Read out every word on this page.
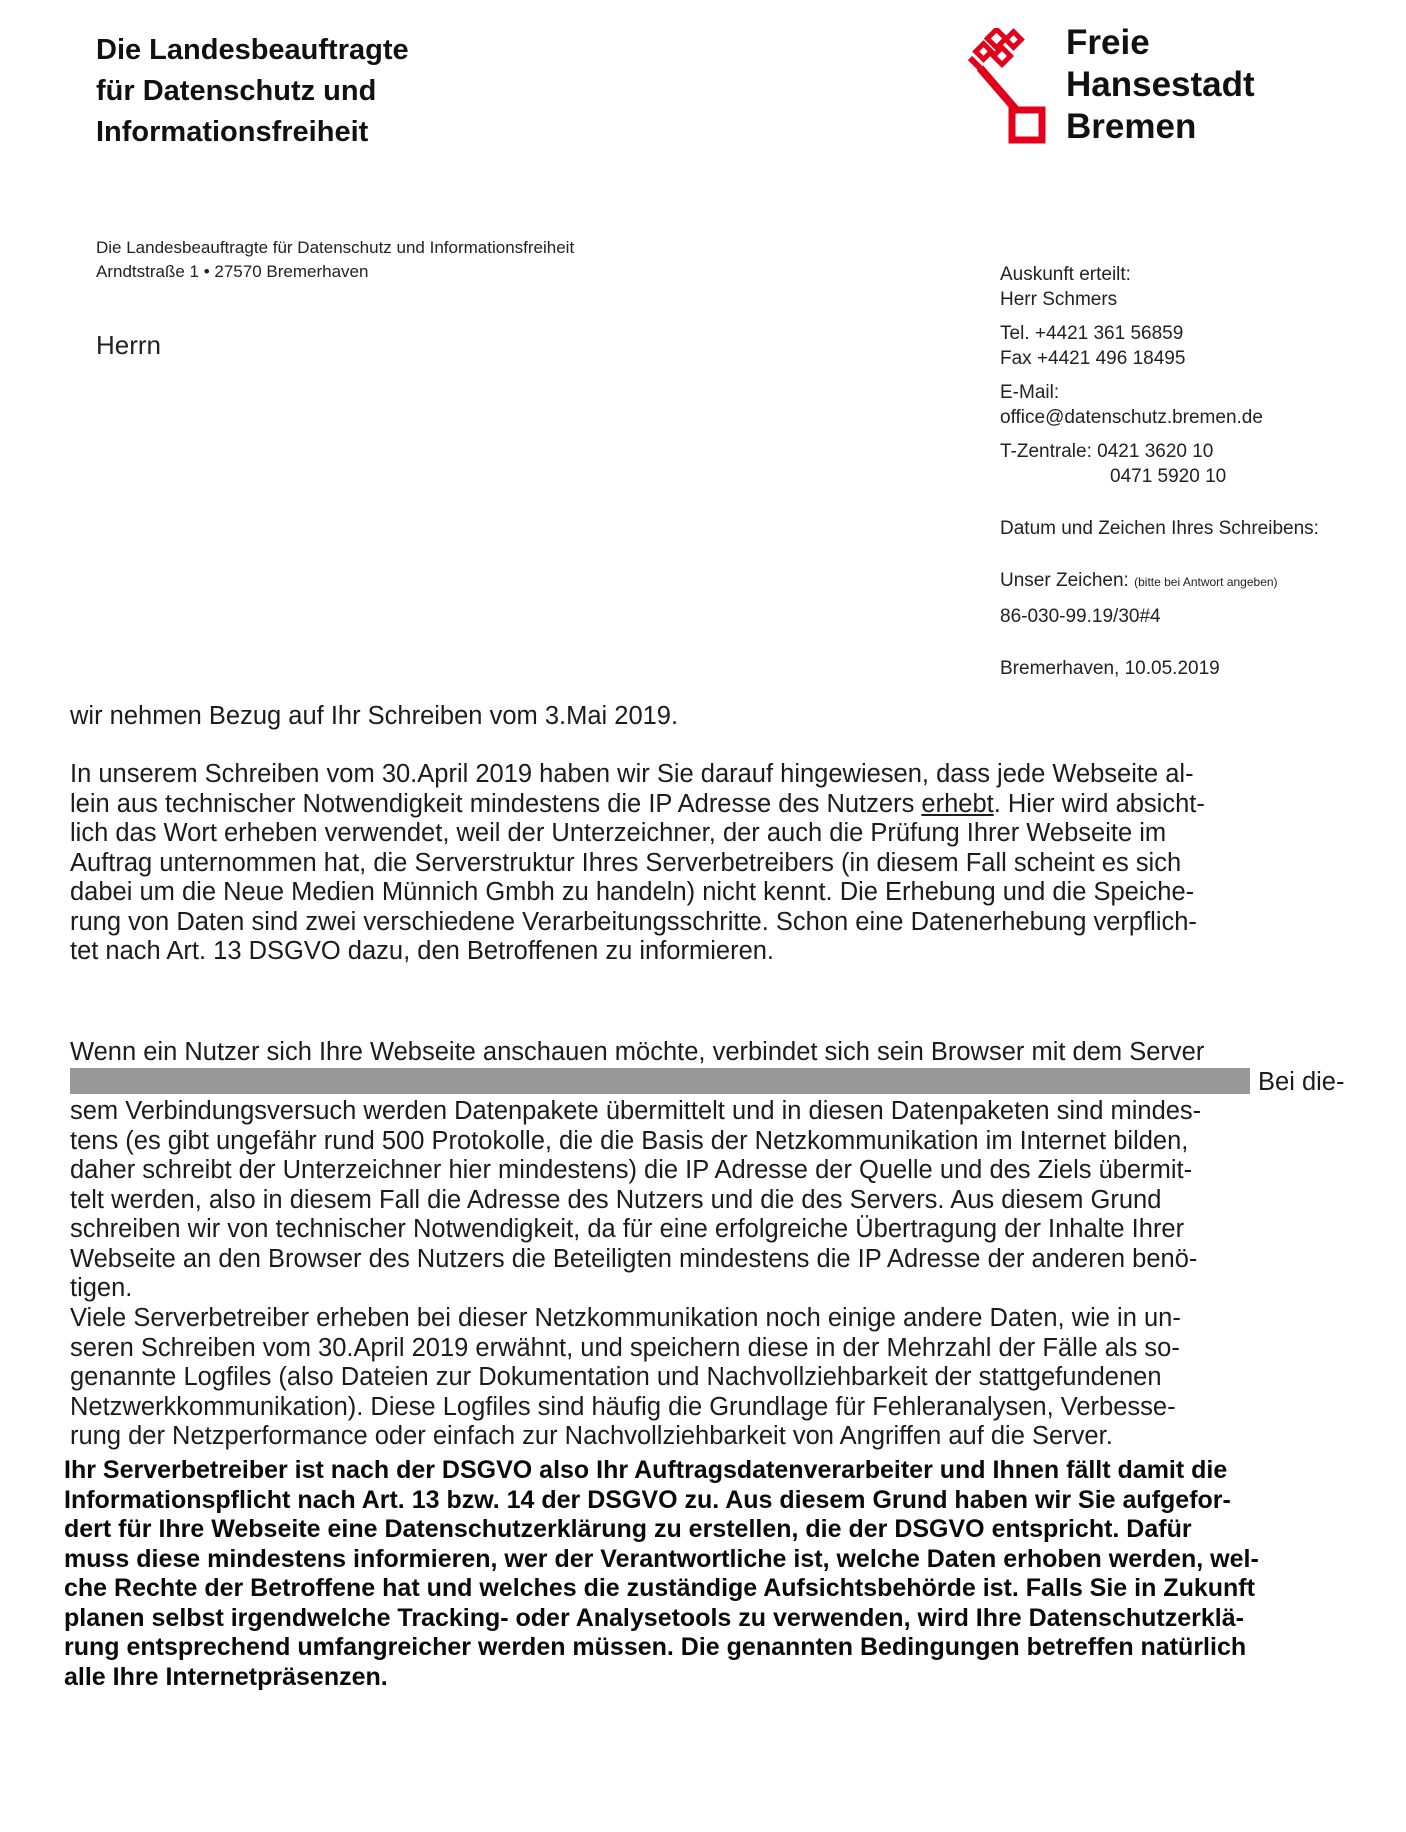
Die Landesbeauftragte
für Datenschutz und
Informationsfreiheit
Freie
Hansestadt
Bremen
Die Landesbeauftragte für Datenschutz und Informationsfreiheit
Arndtstraße 1 • 27570 Bremerhaven
Herrn
Auskunft erteilt:
Herr Schmers
Tel. +4421 361 56859
Fax +4421 496 18495
E-Mail:
office@datenschutz.bremen.de
T-Zentrale: 0421 3620 10
0471 5920 10
Datum und Zeichen Ihres Schreibens:
Unser Zeichen: (bitte bei Antwort angeben)
86-030-99.19/30#4
Bremerhaven, 10.05.2019
wir nehmen Bezug auf Ihr Schreiben vom 3.Mai 2019.
In unserem Schreiben vom 30.April 2019 haben wir Sie darauf hingewiesen, dass jede Webseite al-
lein aus technischer Notwendigkeit mindestens die IP Adresse des Nutzers erhebt. Hier wird absicht-
lich das Wort erheben verwendet, weil der Unterzeichner, der auch die Prüfung Ihrer Webseite im
Auftrag unternommen hat, die Serverstruktur Ihres Serverbetreibers (in diesem Fall scheint es sich
dabei um die Neue Medien Münnich Gmbh zu handeln) nicht kennt. Die Erhebung und die Speiche-
rung von Daten sind zwei verschiedene Verarbeitungsschritte. Schon eine Datenerhebung verpflich-
tet nach Art. 13 DSGVO dazu, den Betroffenen zu informieren.
Wenn ein Nutzer sich Ihre Webseite anschauen möchte, verbindet sich sein Browser mit dem Server
Bei die-
sem Verbindungsversuch werden Datenpakete übermittelt und in diesen Datenpaketen sind mindes-
tens (es gibt ungefähr rund 500 Protokolle, die die Basis der Netzkommunikation im Internet bilden,
daher schreibt der Unterzeichner hier mindestens) die IP Adresse der Quelle und des Ziels übermit-
telt werden, also in diesem Fall die Adresse des Nutzers und die des Servers. Aus diesem Grund
schreiben wir von technischer Notwendigkeit, da für eine erfolgreiche Übertragung der Inhalte Ihrer
Webseite an den Browser des Nutzers die Beteiligten mindestens die IP Adresse der anderen benö-
tigen.
Viele Serverbetreiber erheben bei dieser Netzkommunikation noch einige andere Daten, wie in un-
seren Schreiben vom 30.April 2019 erwähnt, und speichern diese in der Mehrzahl der Fälle als so-
genannte Logfiles (also Dateien zur Dokumentation und Nachvollziehbarkeit der stattgefundenen
Netzwerkkommunikation). Diese Logfiles sind häufig die Grundlage für Fehleranalysen, Verbesse-
rung der Netzperformance oder einfach zur Nachvollziehbarkeit von Angriffen auf die Server.
Ihr Serverbetreiber ist nach der DSGVO also Ihr Auftragsdatenverarbeiter und Ihnen fällt damit die
Informationspflicht nach Art. 13 bzw. 14 der DSGVO zu. Aus diesem Grund haben wir Sie aufgefor-
dert für Ihre Webseite eine Datenschutzerklärung zu erstellen, die der DSGVO entspricht. Dafür
muss diese mindestens informieren, wer der Verantwortliche ist, welche Daten erhoben werden, wel-
che Rechte der Betroffene hat und welches die zuständige Aufsichtsbehörde ist. Falls Sie in Zukunft
planen selbst irgendwelche Tracking- oder Analysetools zu verwenden, wird Ihre Datenschutzerklä-
rung entsprechend umfangreicher werden müssen. Die genannten Bedingungen betreffen natürlich
alle Ihre Internetpräsenzen.
